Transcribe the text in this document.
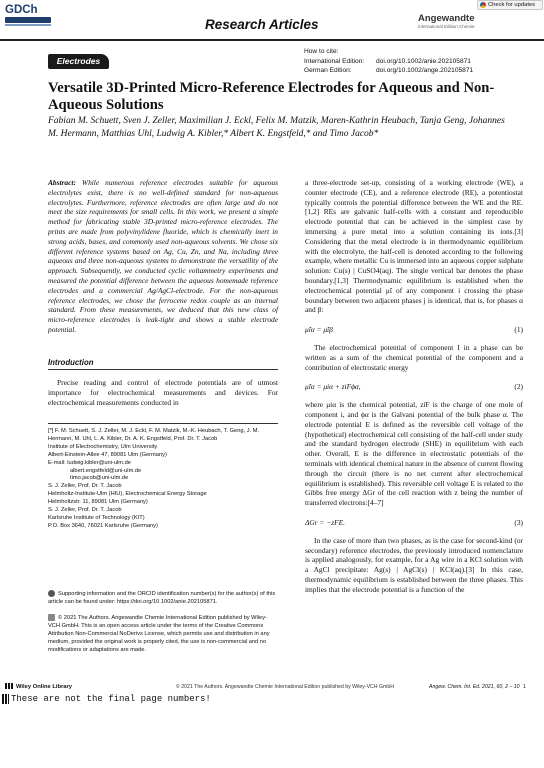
GDCh
Research Articles
Check for updates
Angewandte
International Edition Chemie
Electrodes
How to cite:
International Edition: doi.org/10.1002/anie.202105871
German Edition:	doi.org/10.1002/ange.202105871
Versatile 3D-Printed Micro-Reference Electrodes for Aqueous and Non-Aqueous Solutions
Fabian M. Schuett, Sven J. Zeller, Maximilian J. Eckl, Felix M. Matzik, Maren-Kathrin Heubach, Tanja Geng, Johannes M. Hermann, Matthias Uhl, Ludwig A. Kibler,* Albert K. Engstfeld,* and Timo Jacob*
Abstract: While numerous reference electrodes suitable for aqueous electrolytes exist, there is no well-defined standard for non-aqueous electrolytes. Furthermore, reference electrodes are often large and do not meet the size requirements for small cells. In this work, we present a simple method for fabricating stable 3D-printed micro-reference electrodes. The prints are made from polyvinylidene fluoride, which is chemically inert in strong acids, bases, and commonly used non-aqueous solvents. We chose six different reference systems based on Ag, Cu, Zn, and Na, including three aqueous and three non-aqueous systems to demonstrate the versatility of the approach. Subsequently, we conducted cyclic voltammetry experiments and measured the potential difference between the aqueous homemade reference electrodes and a commercial Ag/AgCl-electrode. For the non-aqueous reference electrodes, we chose the ferrocene redox couple as an internal standard. From these measurements, we deduced that this new class of micro-reference electrodes is leak-tight and shows a stable electrode potential.
Introduction
Precise reading and control of electrode potentials are of utmost importance for electrochemical measurements and devices. For electrochemical measurements conducted in
[*] F. M. Schuett, S. J. Zeller, M. J. Eckl, F. M. Matzik, M.-K. Heubach, T. Geng, J. M. Hermann, M. Uhl, L. A. Kibler, Dr. A. K. Engstfeld, Prof. Dr. T. Jacob
Institute of Electrochemistry, Ulm University
Albert-Einstein-Allee 47, 89081 Ulm (Germany)
E-mail: ludwig.kibler@uni-ulm.de
albert.engstfeld@uni-ulm.de
timo.jacob@uni-ulm.de
S. J. Zeller, Prof. Dr. T. Jacob
Helmholtz-Institute-Ulm (HIU), Electrochemical Energy Storage
Helmholtzstr. 11, 89081 Ulm (Germany)
S. J. Zeller, Prof. Dr. T. Jacob
Karlsruhe Institute of Technology (KIT)
P.O. Box 3640, 76021 Karlsruhe (Germany)
Supporting information and the ORCID identification number(s) for the author(s) of this article can be found under: https://doi.org/10.1002/anie.202105871.
© 2021 The Authors. Angewandte Chemie International Edition published by Wiley-VCH GmbH. This is an open access article under the terms of the Creative Commons Attribution Non-Commercial NoDerivs License, which permits use and distribution in any medium, provided the original work is properly cited, the use is non-commercial and no modifications or adaptations are made.
a three-electrode set-up, consisting of a working electrode (WE), a counter electrode (CE), and a reference electrode (RE), a potentiostat typically controls the potential difference between the WE and the RE.[1,2] REs are galvanic half-cells with a constant and reproducible electrode potential that can be achieved in the simplest case by immersing a pure metal into a solution containing its ions.[3] Considering that the metal electrode is in thermodynamic equilibrium with the electrolyte, the half-cell is denoted according to the following example, where metallic Cu is immersed into an aqueous copper sulphate solution: Cu(s) | CuSO4(aq). The single vertical bar denotes the phase boundary.[1,3] Thermodynamic equilibrium is established when the electrochemical potential μ̃i of any component i crossing the phase boundary between two adjacent phases j is identical, that is, for phases α and β:
μ̃iα = μ̃iβ	(1)
The electrochemical potential of component I in a phase can be written as a sum of the chemical potential of the component and a contribution of electrostatic energy
μ̃iα = μiα + ziFϕα,	(2)
where μiα is the chemical potential, ziF is the charge of one mole of component i, and ϕα is the Galvani potential of the bulk phase α. The electrode potential E is defined as the reversible cell voltage of the (hypothetical) electrochemical cell consisting of the half-cell under study and the standard hydrogen electrode (SHE) in equilibrium with each other. Overall, E is the difference in electrostatic potentials of the terminals with identical chemical nature in the absence of current flowing through the circuit (there is no net current after electrochemical equilibrium is established). This reversible cell voltage E is related to the Gibbs free energy ΔGr of the cell reaction with z being the number of transferred electrons:[4–7]
ΔGr = −zFE.	(3)
In the case of more than two phases, as is the case for second-kind (or secondary) reference electrodes, the previously introduced nomenclature is applied analogously, for example, for a Ag wire in a KCl solution with a AgCl precipitate: Ag(s) | AgCl(s) | KCl(aq).[3] In this case, thermodynamic equilibrium is established between the three phases. This implies that the electrode potential is a function of the
Wiley Online Library	© 2021 The Authors. Angewandte Chemie International Edition published by Wiley-VCH GmbH	Angew. Chem. Int. Ed. 2021, 60, 2 – 10 1
These are not the final page numbers!
